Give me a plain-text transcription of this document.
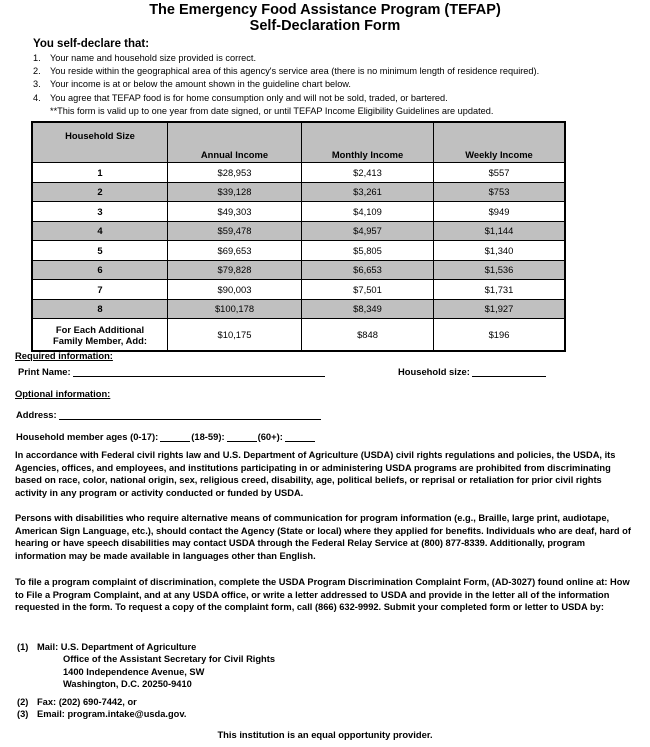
The Emergency Food Assistance Program (TEFAP)
Self-Declaration Form
You self-declare that:
1.	Your name and household size provided is correct.
2.	You reside within the geographical area of this agency's service area (there is no minimum length of residence required).
3.	Your income is at or below the amount shown in the guideline chart below.
4.	You agree that TEFAP food is for home consumption only and will not be sold, traded, or bartered.
**This form is valid up to one year from date signed, or until TEFAP Income Eligibility Guidelines are updated.
Household Size	Annual Income	Monthly Income	Weekly Income
1	$28,953	$2,413	$557
2	$39,128	$3,261	$753
3	$49,303	$4,109	$949
4	$59,478	$4,957	$1,144
5	$69,653	$5,805	$1,340
6	$79,828	$6,653	$1,536
7	$90,003	$7,501	$1,731
8	$100,178	$8,349	$1,927
For Each Additional
Family Member, Add:	$10,175	$848	$196
Required information:
Print Name:	Household size:
Optional information:
Address:
Household member ages (0-17):	(18-59):	(60+):

In accordance with Federal civil rights law and U.S. Department of Agriculture (USDA) civil rights regulations and policies, the USDA, its Agencies, offices, and employees, and institutions participating in or administering USDA programs are prohibited from discriminating based on race, color, national origin, sex, religious creed, disability, age, political beliefs, or reprisal or retaliation for prior civil rights activity in any program or activity conducted or funded by USDA.

Persons with disabilities who require alternative means of communication for program information (e.g., Braille, large print, audiotape, American Sign Language, etc.), should contact the Agency (State or local) where they applied for benefits. Individuals who are deaf, hard of hearing or have speech disabilities may contact USDA through the Federal Relay Service at (800) 877-8339. Additionally, program information may be made available in languages other than English.

To file a program complaint of discrimination, complete the USDA Program Discrimination Complaint Form, (AD-3027) found online at: How to File a Program Complaint, and at any USDA office, or write a letter addressed to USDA and provide in the letter all of the information requested in the form. To request a copy of the complaint form, call (866) 632-9992. Submit your completed form or letter to USDA by:

(1) Mail: U.S. Department of Agriculture
Office of the Assistant Secretary for Civil Rights
1400 Independence Avenue, SW
Washington, D.C. 20250-9410
(2) Fax: (202) 690-7442, or
(3) Email: program.intake@usda.gov.
This institution is an equal opportunity provider.
